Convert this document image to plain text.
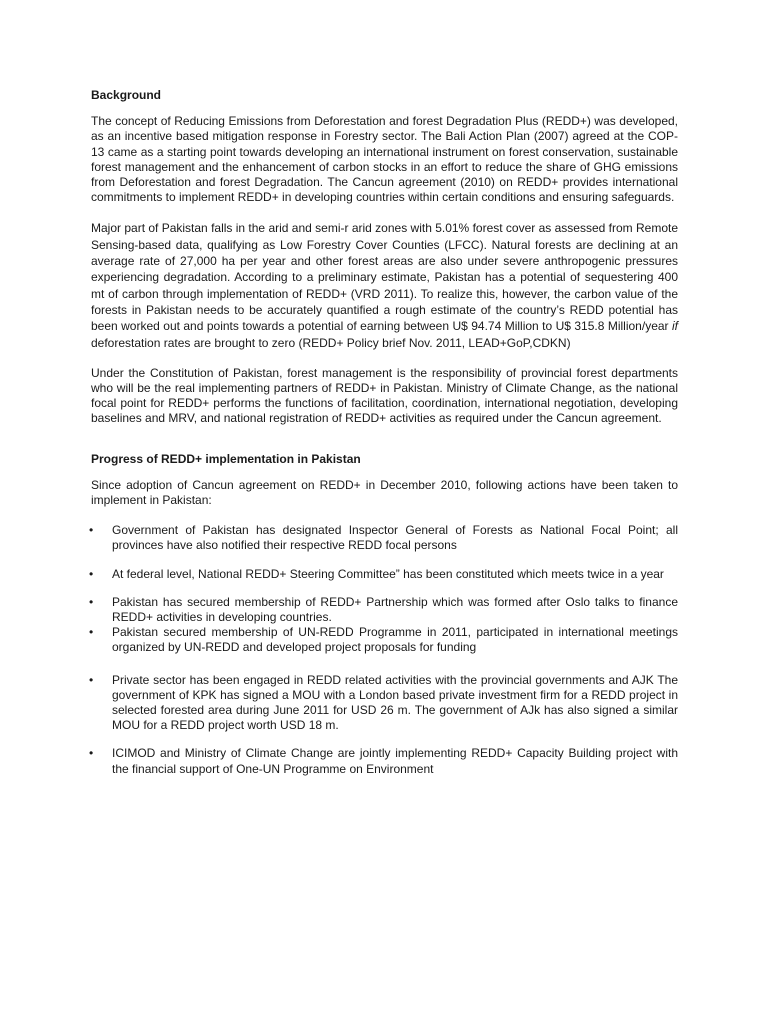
Background

The concept of Reducing Emissions from Deforestation and forest Degradation Plus (REDD+) was developed, as an incentive based mitigation response in Forestry sector. The Bali Action Plan (2007) agreed at the COP-13 came as a starting point towards developing an international instrument on forest conservation, sustainable forest management and the enhancement of carbon stocks in an effort to reduce the share of GHG emissions from Deforestation and forest Degradation. The Cancun agreement (2010) on REDD+ provides international commitments to implement REDD+ in developing countries within certain conditions and ensuring safeguards.

Major part of Pakistan falls in the arid and semi-r arid zones with 5.01% forest cover as assessed from Remote Sensing-based data, qualifying as Low Forestry Cover Counties (LFCC). Natural forests are declining at an average rate of 27,000 ha per year and other forest areas are also under severe anthropogenic pressures experiencing degradation. According to a preliminary estimate, Pakistan has a potential of sequestering 400 mt of carbon through implementation of REDD+ (VRD 2011). To realize this, however, the carbon value of the forests in Pakistan needs to be accurately quantified a rough estimate of the country’s REDD potential has been worked out and points towards a potential of earning between U$ 94.74 Million to U$ 315.8 Million/year if deforestation rates are brought to zero (REDD+ Policy brief Nov. 2011, LEAD+GoP,CDKN)

Under the Constitution of Pakistan, forest management is the responsibility of provincial forest departments who will be the real implementing partners of REDD+ in Pakistan. Ministry of Climate Change, as the national focal point for REDD+ performs the functions of facilitation, coordination, international negotiation, developing baselines and MRV, and national registration of REDD+ activities as required under the Cancun agreement.

Progress of REDD+ implementation in Pakistan

Since adoption of Cancun agreement on REDD+ in December 2010, following actions have been taken to implement in Pakistan:

• Government of Pakistan has designated Inspector General of Forests as National Focal Point; all provinces have also notified their respective REDD focal persons
• At federal level, National REDD+ Steering Committee” has been constituted which meets twice in a year
• Pakistan has secured membership of REDD+ Partnership which was formed after Oslo talks to finance REDD+ activities in developing countries.
• Pakistan secured membership of UN-REDD Programme in 2011, participated in international meetings organized by UN-REDD and developed project proposals for funding
• Private sector has been engaged in REDD related activities with the provincial governments and AJK The government of KPK has signed a MOU with a London based private investment firm for a REDD project in selected forested area during June 2011 for USD 26 m. The government of AJk has also signed a similar MOU for a REDD project worth USD 18 m.
• ICIMOD and Ministry of Climate Change are jointly implementing REDD+ Capacity Building project with the financial support of One-UN Programme on Environment
